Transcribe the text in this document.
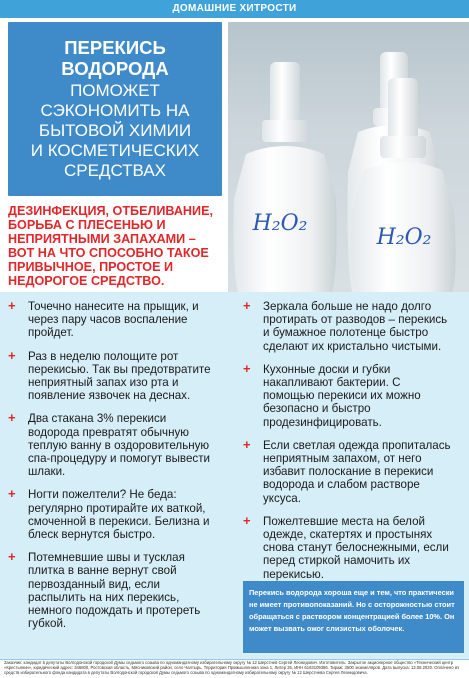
ДОМАШНИЕ ХИТРОСТИ
ПЕРЕКИСЬ ВОДОРОДА
ПОМОЖЕТ
СЭКОНОМИТЬ НА
БЫТОВОЙ ХИМИИ
И КОСМЕТИЧЕСКИХ
СРЕДСТВАХ
H₂O₂
H₂O₂
ДЕЗИНФЕКЦИЯ, ОТБЕЛИВАНИЕ,
БОРЬБА С ПЛЕСЕНЬЮ И
НЕПРИЯТНЫМИ ЗАПАХАМИ –
ВОТ НА ЧТО СПОСОБНО ТАКОЕ
ПРИВЫЧНОЕ, ПРОСТОЕ И
НЕДОРОГОЕ СРЕДСТВО.
+ Точечно нанесите на прыщик, и через пару часов воспаление пройдет.
+ Раз в неделю полощите рот перекисью. Так вы предотвратите неприятный запах изо рта и появление язвочек на деснах.
+ Два стакана 3% перекиси водорода превратят обычную теплую ванну в оздоровительную спа-процедуру и помогут вывести шлаки.
+ Ногти пожелтели? Не беда: регулярно протирайте их ваткой, смоченной в перекиси. Белизна и блеск вернутся быстро.
+ Потемневшие швы и тусклая плитка в ванне вернут свой первозданный вид, если распылить на них перекись, немного подождать и протереть губкой.
+ Зеркала больше не надо долго протирать от разводов – перекись и бумажное полотенце быстро сделают их кристально чистыми.
+ Кухонные доски и губки накапливают бактерии. С помощью перекиси их можно безопасно и быстро продезинфицировать.
+ Если светлая одежда пропиталась неприятным запахом, от него избавит полоскание в перекиси водорода и слабом растворе уксуса.
+ Пожелтевшие места на белой одежде, скатертях и простынях снова станут белоснежными, если перед стиркой намочить их перекисью.
Перекись водорода хороша еще и тем, что практически не имеет противопоказаний. Но с осторожностью стоит обращаться с раствором концентрацией более 10%. Он может вызвать ожог слизистых оболочек.
Заказчик: кандидат в депутаты Волгодонской городской Думы седьмого созыва по одномандатному избирательному округу № 12 Шерстнев Сергей Леонидович. Изготовитель: Закрытое акционерное общество «Технический центр «Крестьянин», юридический адрес: 346800, Ростовская область, Мясниковский район, село Чалтырь, Территория Промышленная зона 1, Литер 25, ИНН 6163109386. Тираж: 3500 экземпляров. Дата выпуска: 13.08.2020. Оплачено из средств избирательного фонда кандидата в депутаты Волгодонской городской Думы седьмого созыва по одномандатному избирательному округу № 12 Шерстнева Сергея Леонидовича.
